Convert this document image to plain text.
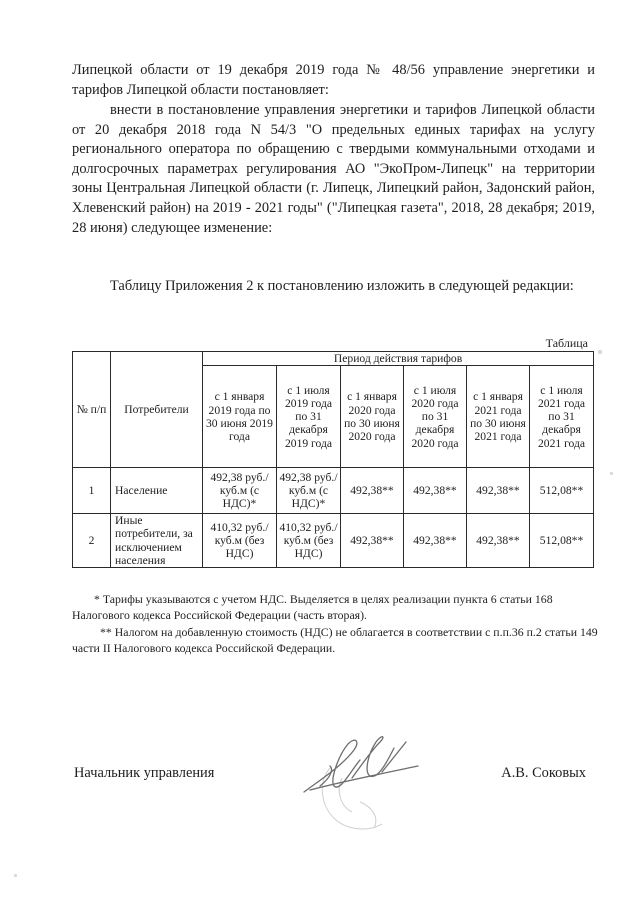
Липецкой области от 19 декабря 2019 года № 48/56 управление энергетики и тарифов Липецкой области постановляет:

внести в постановление управления энергетики и тарифов Липецкой области от 20 декабря 2018 года N 54/3 "О предельных единых тарифах на услугу регионального оператора по обращению с твердыми коммунальными отходами и долгосрочных параметрах регулирования АО "ЭкоПром-Липецк" на территории зоны Центральная Липецкой области (г. Липецк, Липецкий район, Задонский район, Хлевенский район) на 2019 - 2021 годы" ("Липецкая газета", 2018, 28 декабря; 2019, 28 июня) следующее изменение:

Таблицу Приложения 2 к постановлению изложить в следующей редакции:

Таблица
№ п/п	Потребители	Период действия тарифов					
		с 1 января 2019 года по 30 июня 2019 года	с 1 июля 2019 года по 31 декабря 2019 года	с 1 января 2020 года по 30 июня 2020 года	с 1 июля 2020 года по 31 декабря 2020 года	с 1 января 2021 года по 30 июня 2021 года	с 1 июля 2021 года по 31 декабря 2021 года
1	Население	492,38 руб./куб.м (с НДС)*	492,38 руб./куб.м (с НДС)*	492,38**	492,38**	492,38**	512,08**
2	Иные потребители, за исключением населения	410,32 руб./куб.м (без НДС)	410,32 руб./куб.м (без НДС)	492,38**	492,38**	492,38**	512,08**
* Тарифы указываются с учетом НДС. Выделяется в целях реализации пункта 6 статьи 168 Налогового кодекса Российской Федерации (часть вторая).
** Налогом на добавленную стоимость (НДС) не облагается в соответствии с п.п.36 п.2 статьи 149 части II Налогового кодекса Российской Федерации.
Начальник управления	А.В. Соковых
